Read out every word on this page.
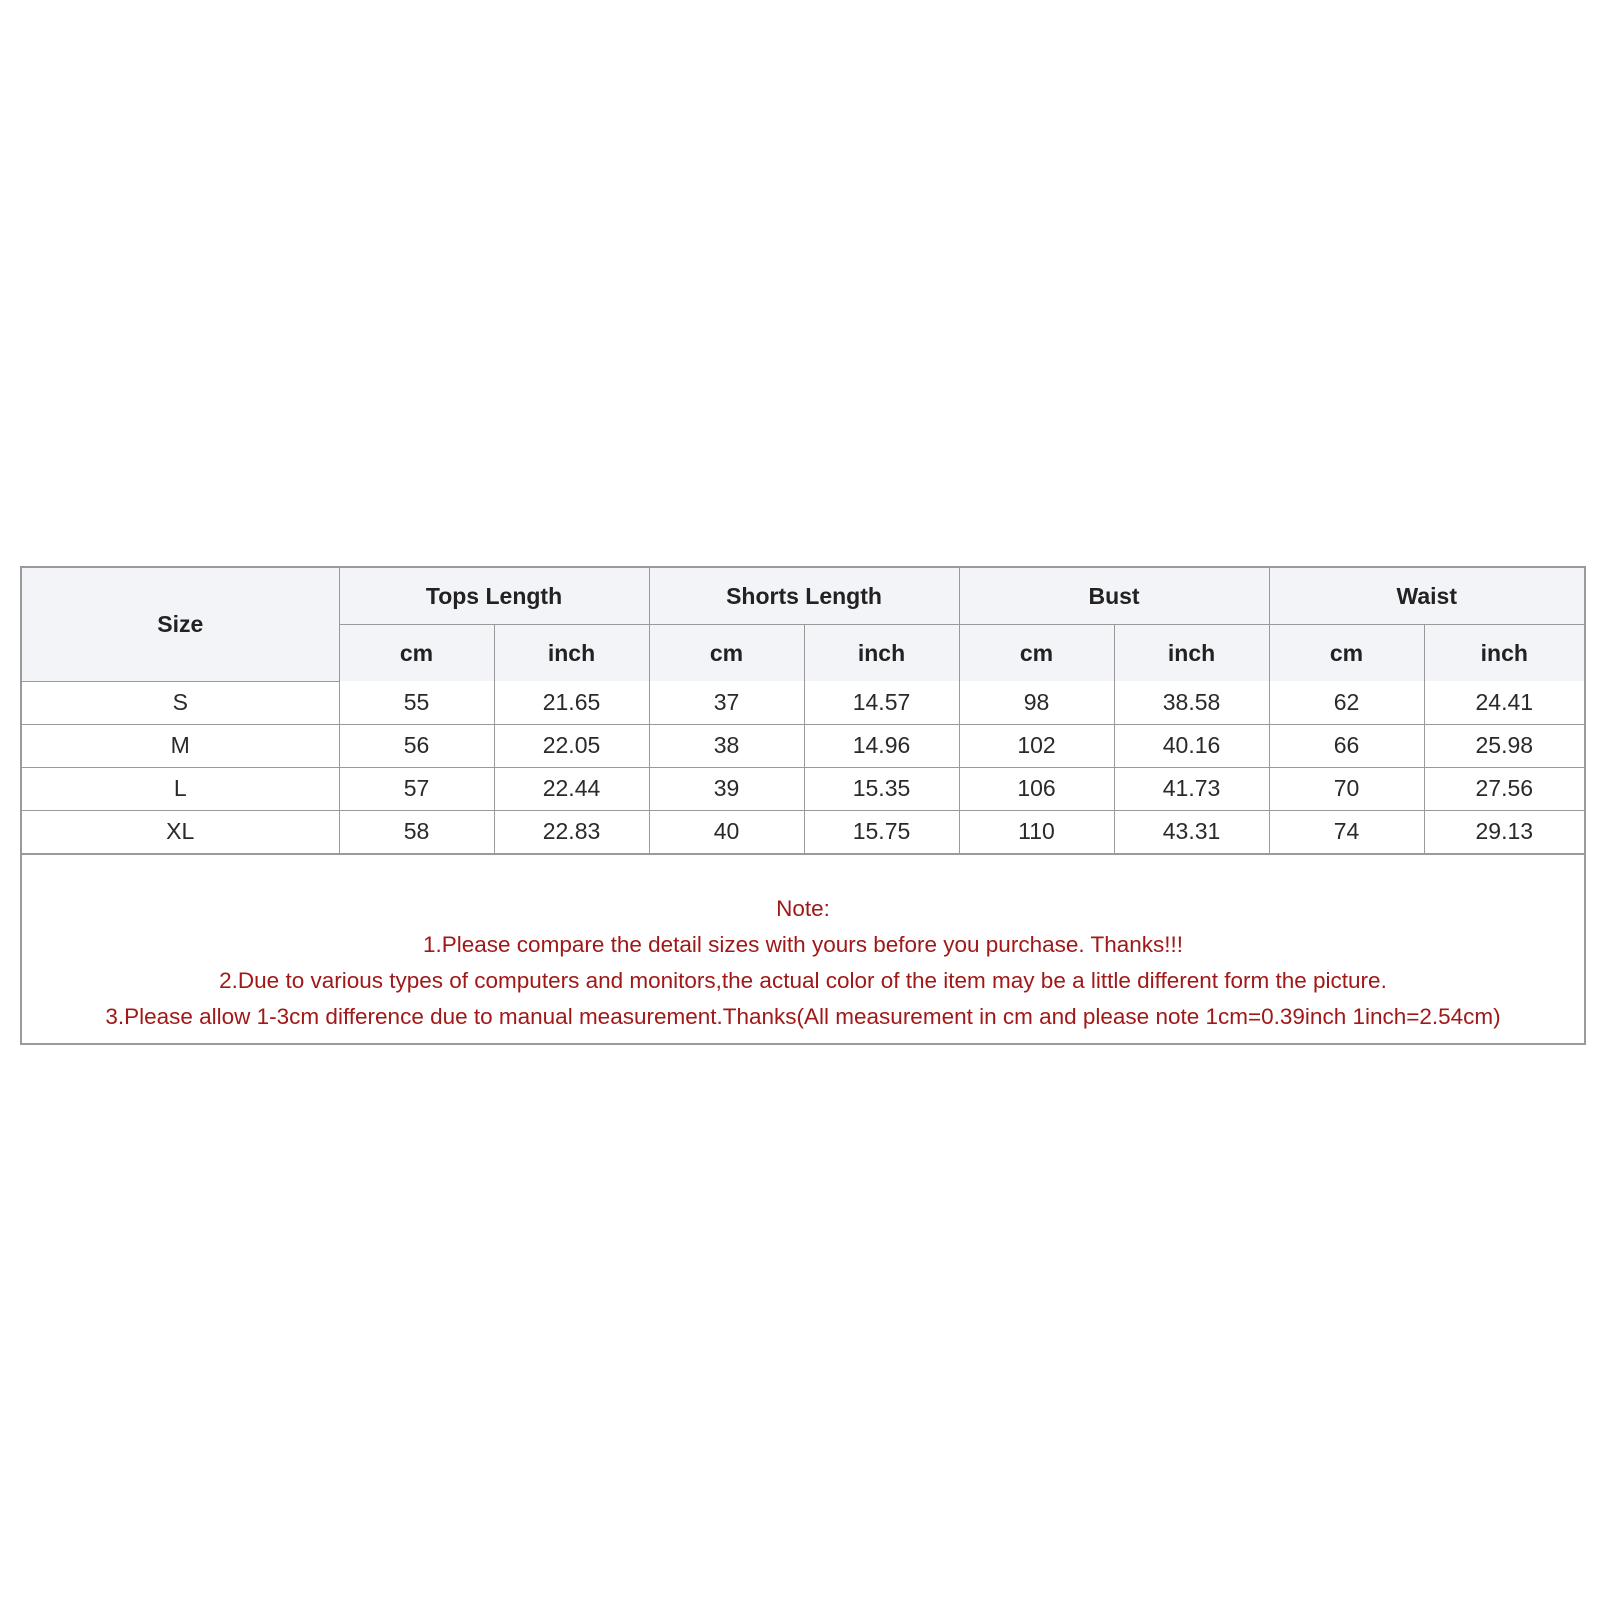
Size	Tops Length		Shorts Length		Bust		Waist	
	cm	inch	cm	inch	cm	inch	cm	inch
S	55	21.65	37	14.57	98	38.58	62	24.41
M	56	22.05	38	14.96	102	40.16	66	25.98
L	57	22.44	39	15.35	106	41.73	70	27.56
XL	58	22.83	40	15.75	110	43.31	74	29.13
Note:
1.Please compare the detail sizes with yours before you purchase. Thanks!!!
2.Due to various types of computers and monitors,the actual color of the item may be a little different form the picture.
3.Please allow 1-3cm difference due to manual measurement.Thanks(All measurement in cm and please note 1cm=0.39inch 1inch=2.54cm)
